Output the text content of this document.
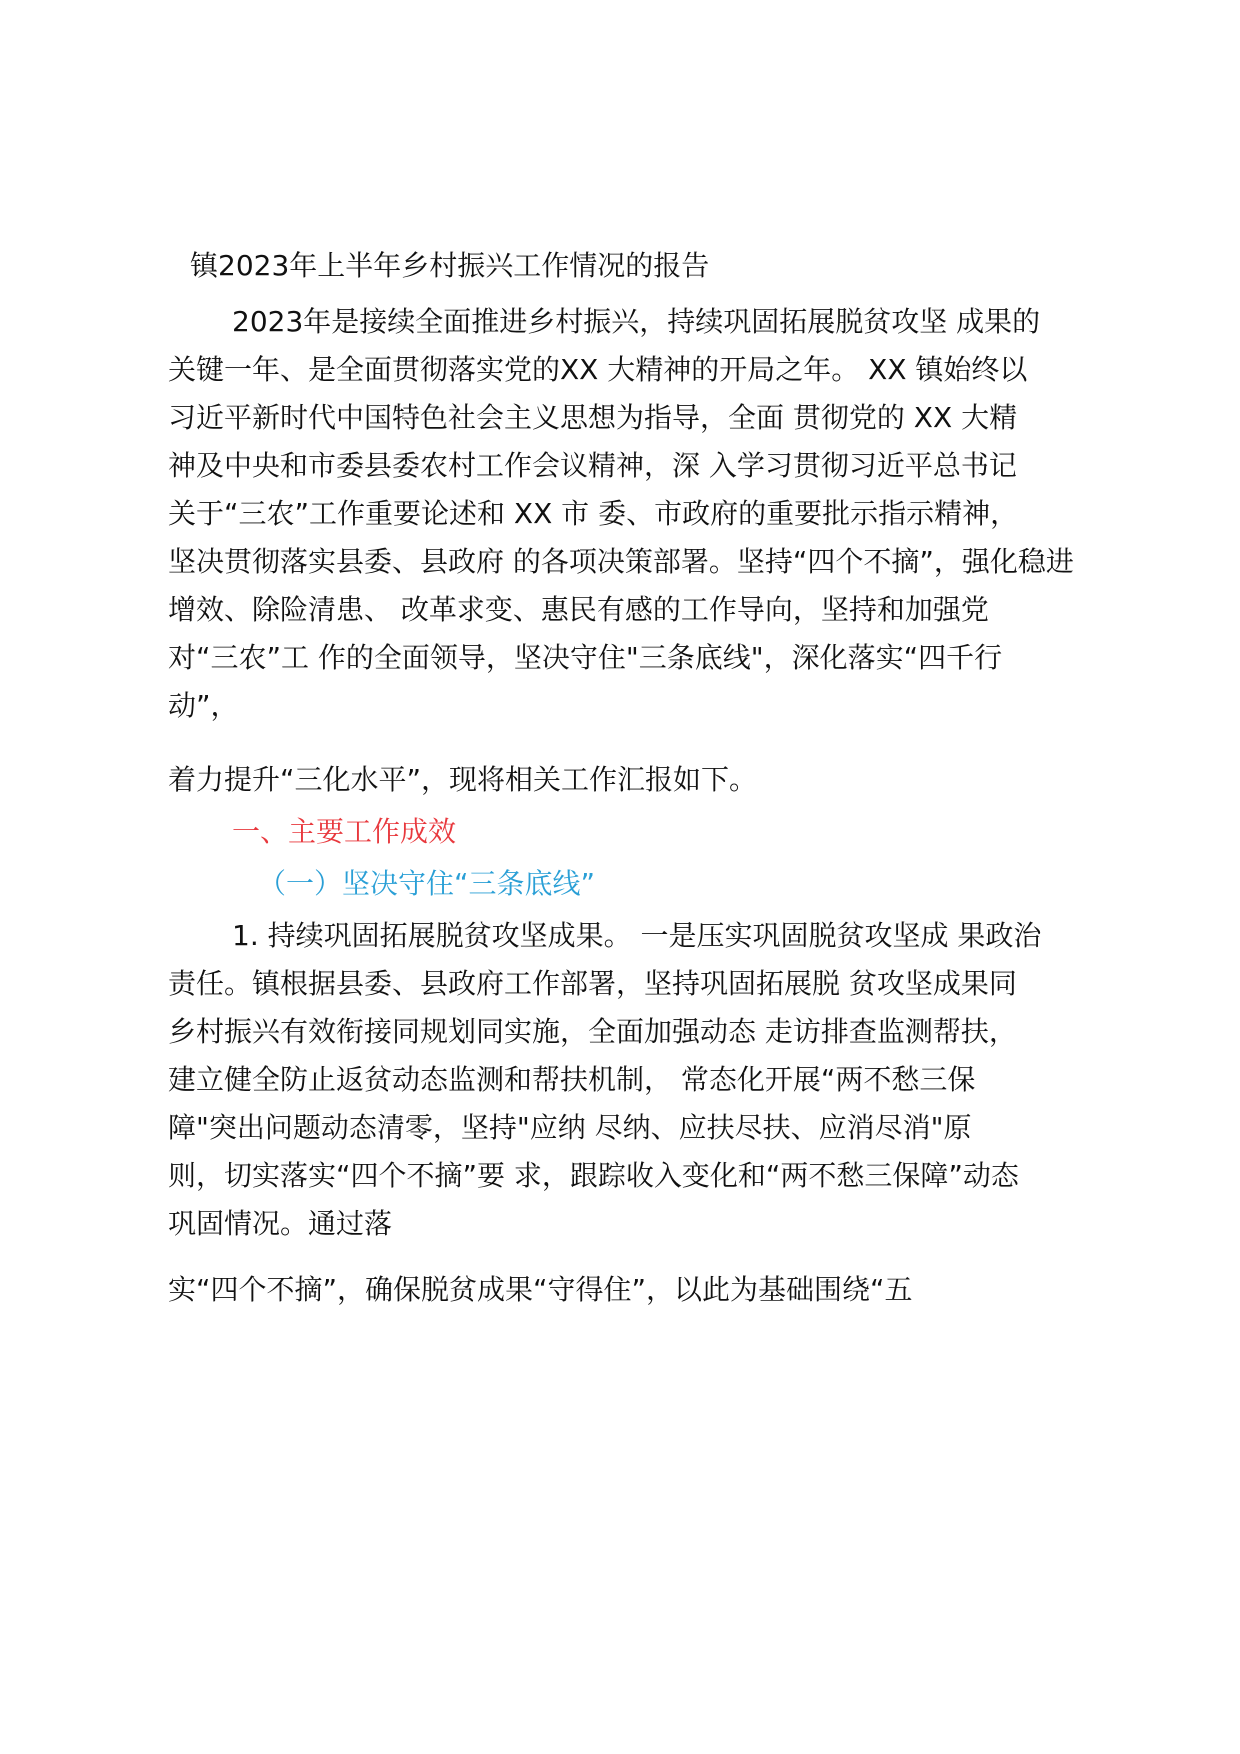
镇2023年上半年乡村振兴工作情况的报告
2023年是接续全面推进乡村振兴，持续巩固拓展脱贫攻坚 成果的
关键一年、是全面贯彻落实党的XX 大精神的开局之年。 XX 镇始终以
习近平新时代中国特色社会主义思想为指导，全面 贯彻党的 XX 大精
神及中央和市委县委农村工作会议精神，深 入学习贯彻习近平总书记
关于“三农”工作重要论述和 XX 市 委、市政府的重要批示指示精神，
坚决贯彻落实县委、县政府 的各项决策部署。坚持“四个不摘”，强化稳进
增效、除险清患、 改革求变、惠民有感的工作导向，坚持和加强党
对“三农”工 作的全面领导，坚决守住"三条底线"，深化落实“四千行
动”，
着力提升“三化水平”，现将相关工作汇报如下。
一、主要工作成效
（一）坚决守住“三条底线”
1. 持续巩固拓展脱贫攻坚成果。 一是压实巩固脱贫攻坚成 果政治
责任。镇根据县委、县政府工作部署，坚持巩固拓展脱 贫攻坚成果同
乡村振兴有效衔接同规划同实施，全面加强动态 走访排查监测帮扶，
建立健全防止返贫动态监测和帮扶机制， 常态化开展“两不愁三保
障"突出问题动态清零，坚持"应纳 尽纳、应扶尽扶、应消尽消"原
则，切实落实“四个不摘”要 求，跟踪收入变化和“两不愁三保障”动态
巩固情况。通过落
实“四个不摘”，确保脱贫成果“守得住”，以此为基础围绕“五
